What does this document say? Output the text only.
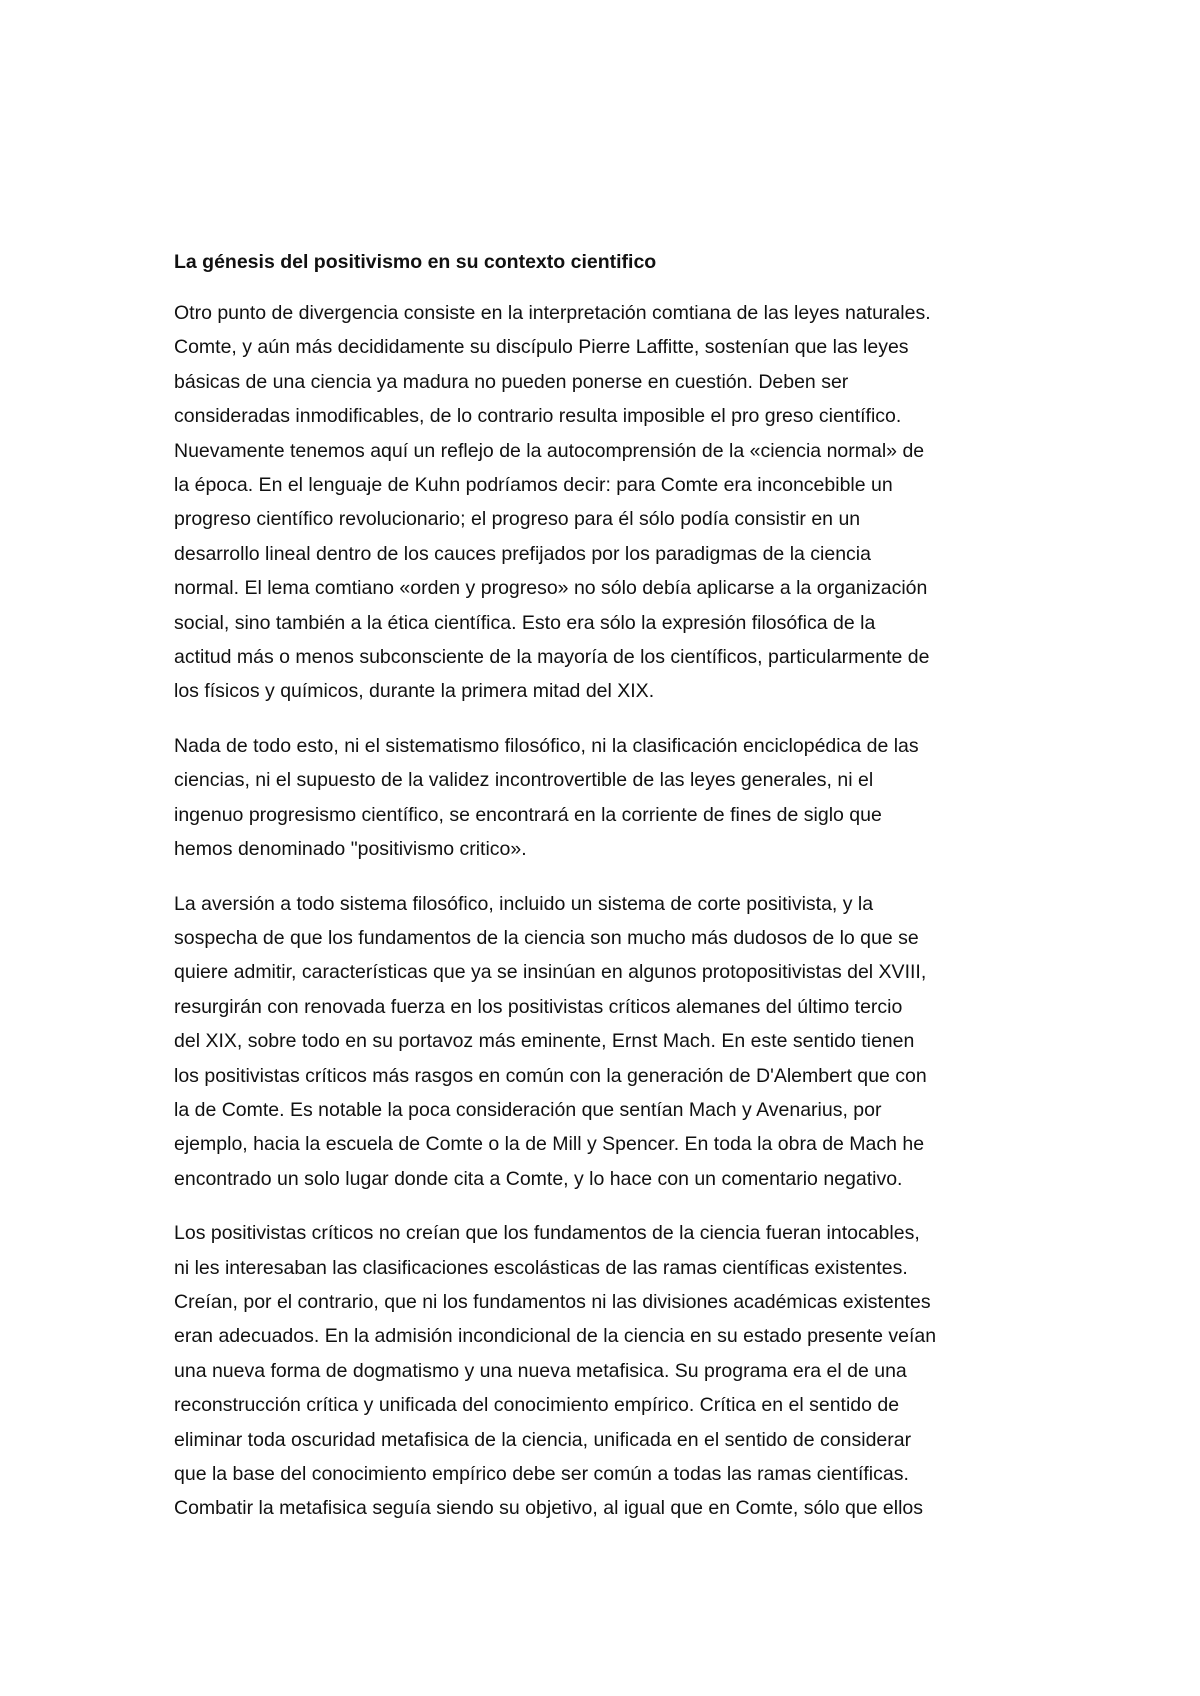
La génesis del positivismo en su contexto cientifico
Otro punto de divergencia consiste en la interpretación comtiana de las leyes naturales.
Comte, y aún más decididamente su discípulo Pierre Laffitte, sostenían que las leyes
básicas de una ciencia ya madura no pueden ponerse en cuestión. Deben ser
consideradas inmodificables, de lo contrario resulta imposible el pro greso científico.
Nuevamente tenemos aquí un reflejo de la autocomprensión de la «ciencia normal» de
la época. En el lenguaje de Kuhn podríamos decir: para Comte era inconcebible un
progreso científico revolucionario; el progreso para él sólo podía consistir en un
desarrollo lineal dentro de los cauces prefijados por los paradigmas de la ciencia
normal. El lema comtiano «orden y progreso» no sólo debía aplicarse a la organización
social, sino también a la ética científica. Esto era sólo la expresión filosófica de la
actitud más o menos subconsciente de la mayoría de los científicos, particularmente de
los físicos y químicos, durante la primera mitad del XIX.
Nada de todo esto, ni el sistematismo filosófico, ni la clasificación enciclopédica de las
ciencias, ni el supuesto de la validez incontrovertible de las leyes generales, ni el
ingenuo progresismo científico, se encontrará en la corriente de fines de siglo que
hemos denominado "positivismo critico».
La aversión a todo sistema filosófico, incluido un sistema de corte positivista, y la
sospecha de que los fundamentos de la ciencia son mucho más dudosos de lo que se
quiere admitir, características que ya se insinúan en algunos protopositivistas del XVIII,
resurgirán con renovada fuerza en los positivistas críticos alemanes del último tercio
del XIX, sobre todo en su portavoz más eminente, Ernst Mach. En este sentido tienen
los positivistas críticos más rasgos en común con la generación de D'Alembert que con
la de Comte. Es notable la poca consideración que sentían Mach y Avenarius, por
ejemplo, hacia la escuela de Comte o la de Mill y Spencer. En toda la obra de Mach he
encontrado un solo lugar donde cita a Comte, y lo hace con un comentario negativo.
Los positivistas críticos no creían que los fundamentos de la ciencia fueran intocables,
ni les interesaban las clasificaciones escolásticas de las ramas científicas existentes.
Creían, por el contrario, que ni los fundamentos ni las divisiones académicas existentes
eran adecuados. En la admisión incondicional de la ciencia en su estado presente veían
una nueva forma de dogmatismo y una nueva metafisica. Su programa era el de una
reconstrucción crítica y unificada del conocimiento empírico. Crítica en el sentido de
eliminar toda oscuridad metafisica de la ciencia, unificada en el sentido de considerar
que la base del conocimiento empírico debe ser común a todas las ramas científicas.
Combatir la metafisica seguía siendo su objetivo, al igual que en Comte, sólo que ellos
